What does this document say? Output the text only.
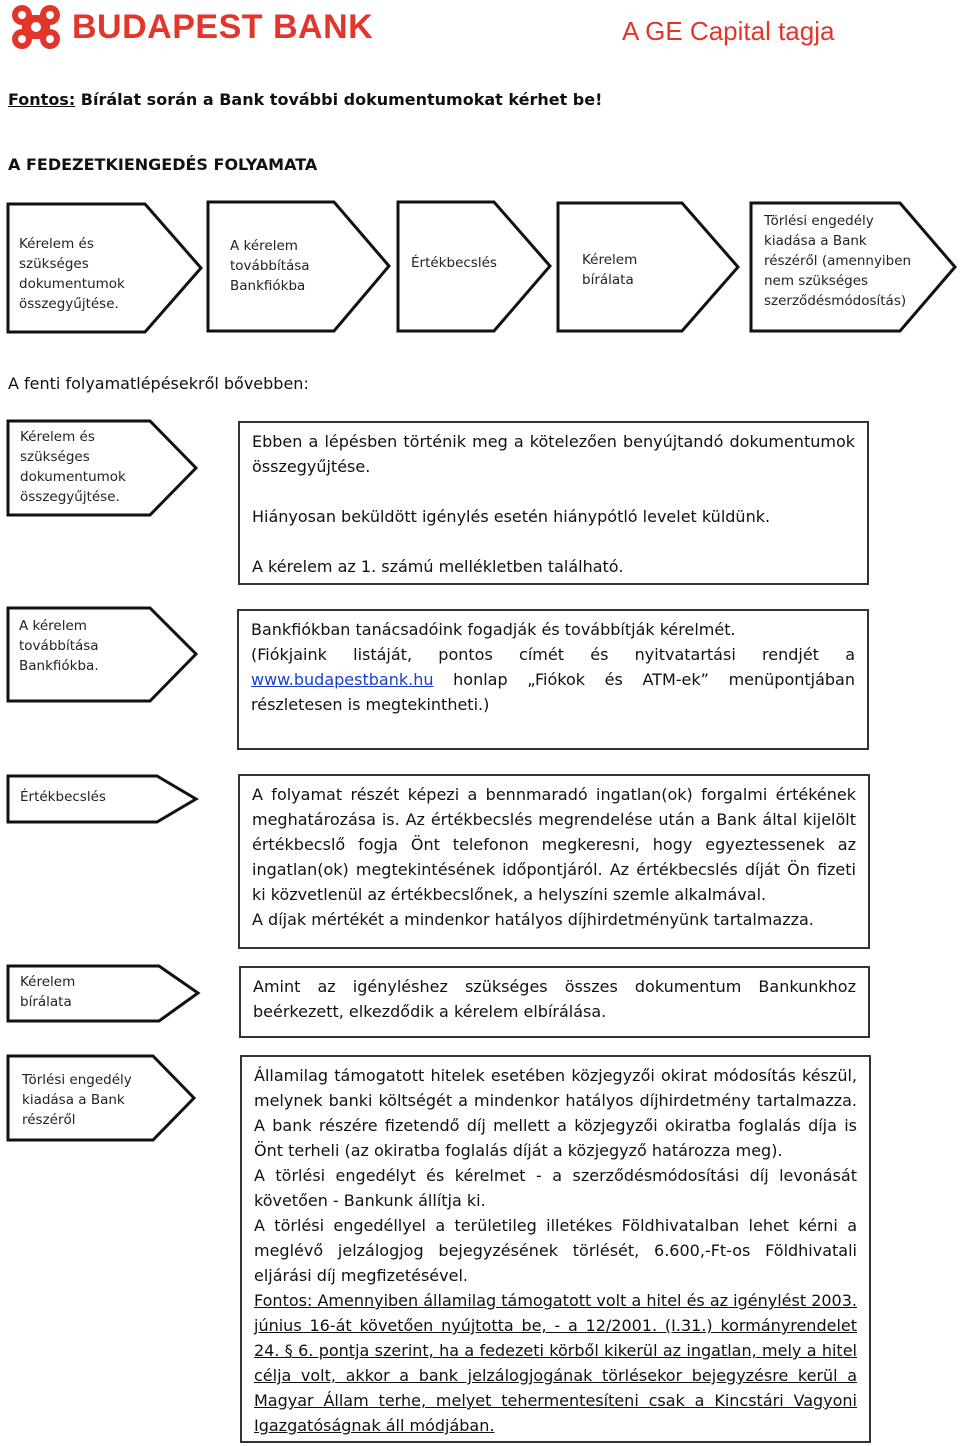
BUDAPEST BANK	A GE Capital tagja
Fontos: Bírálat során a Bank további dokumentumokat kérhet be!
A FEDEZETKIENGEDÉS FOLYAMATA
Kérelem és
szükséges
dokumentumok
összegyűjtése.
A kérelem
továbbítása
Bankfiókba
Értékbecslés	Kérelem
bírálata
Törlési engedély
kiadása a Bank
részéről (amennyiben
nem szükséges
szerződésmódosítás)
A fenti folyamatlépésekről bővebben:
Kérelem és
szükséges
dokumentumok
összegyűjtése.

Ebben a lépésben történik meg a kötelezően benyújtandó dokumentumok összegyűjtése.

Hiányosan beküldött igénylés esetén hiánypótló levelet küldünk.

A kérelem az 1. számú mellékletben található.

A kérelem
továbbítása
Bankfiókba.

Bankfiókban tanácsadóink fogadják és továbbítják kérelmét.

(Fiókjaink listáját, pontos címét és nyitvatartási rendjét a www.budapestbank.hu honlap „Fiókok és ATM-ek” menüpontjában részletesen is megtekintheti.)

Értékbecslés	A folyamat részét képezi a bennmaradó ingatlan(ok) forgalmi értékének meghatározása is. Az értékbecslés megrendelése után a Bank által kijelölt értékbecslő fogja Önt telefonon megkeresni, hogy egyeztessenek az ingatlan(ok) megtekintésének időpontjáról. Az értékbecslés díját Ön fizeti ki közvetlenül az értékbecslőnek, a helyszíni szemle alkalmával.

A díjak mértékét a mindenkor hatályos díjhirdetményünk tartalmazza.

Kérelem
bírálata

Amint az igényléshez szükséges összes dokumentum Bankunkhoz beérkezett, elkezdődik a kérelem elbírálása.

Törlési engedély
kiadása a Bank
részéről

Államilag támogatott hitelek esetében közjegyzői okirat módosítás készül, melynek banki költségét a mindenkor hatályos díjhirdetmény tartalmazza. A bank részére fizetendő díj mellett a közjegyzői okiratba foglalás díja is Önt terheli (az okiratba foglalás díját a közjegyző határozza meg).

A törlési engedélyt és kérelmet - a szerződésmódosítási díj levonását követően - Bankunk állítja ki.

A törlési engedéllyel a területileg illetékes Földhivatalban lehet kérni a meglévő jelzálogjog bejegyzésének törlését, 6.600,-Ft-os Földhivatali eljárási díj megfizetésével.

Fontos: Amennyiben államilag támogatott volt a hitel és az igénylést 2003. június 16-át követően nyújtotta be, - a 12/2001. (I.31.) kormányrendelet 24. § 6. pontja szerint, ha a fedezeti körből kikerül az ingatlan, mely a hitel célja volt, akkor a bank jelzálogjogának törlésekor bejegyzésre kerül a Magyar Állam terhe, melyet tehermentesíteni csak a Kincstári Vagyoni Igazgatóságnak áll módjában.
